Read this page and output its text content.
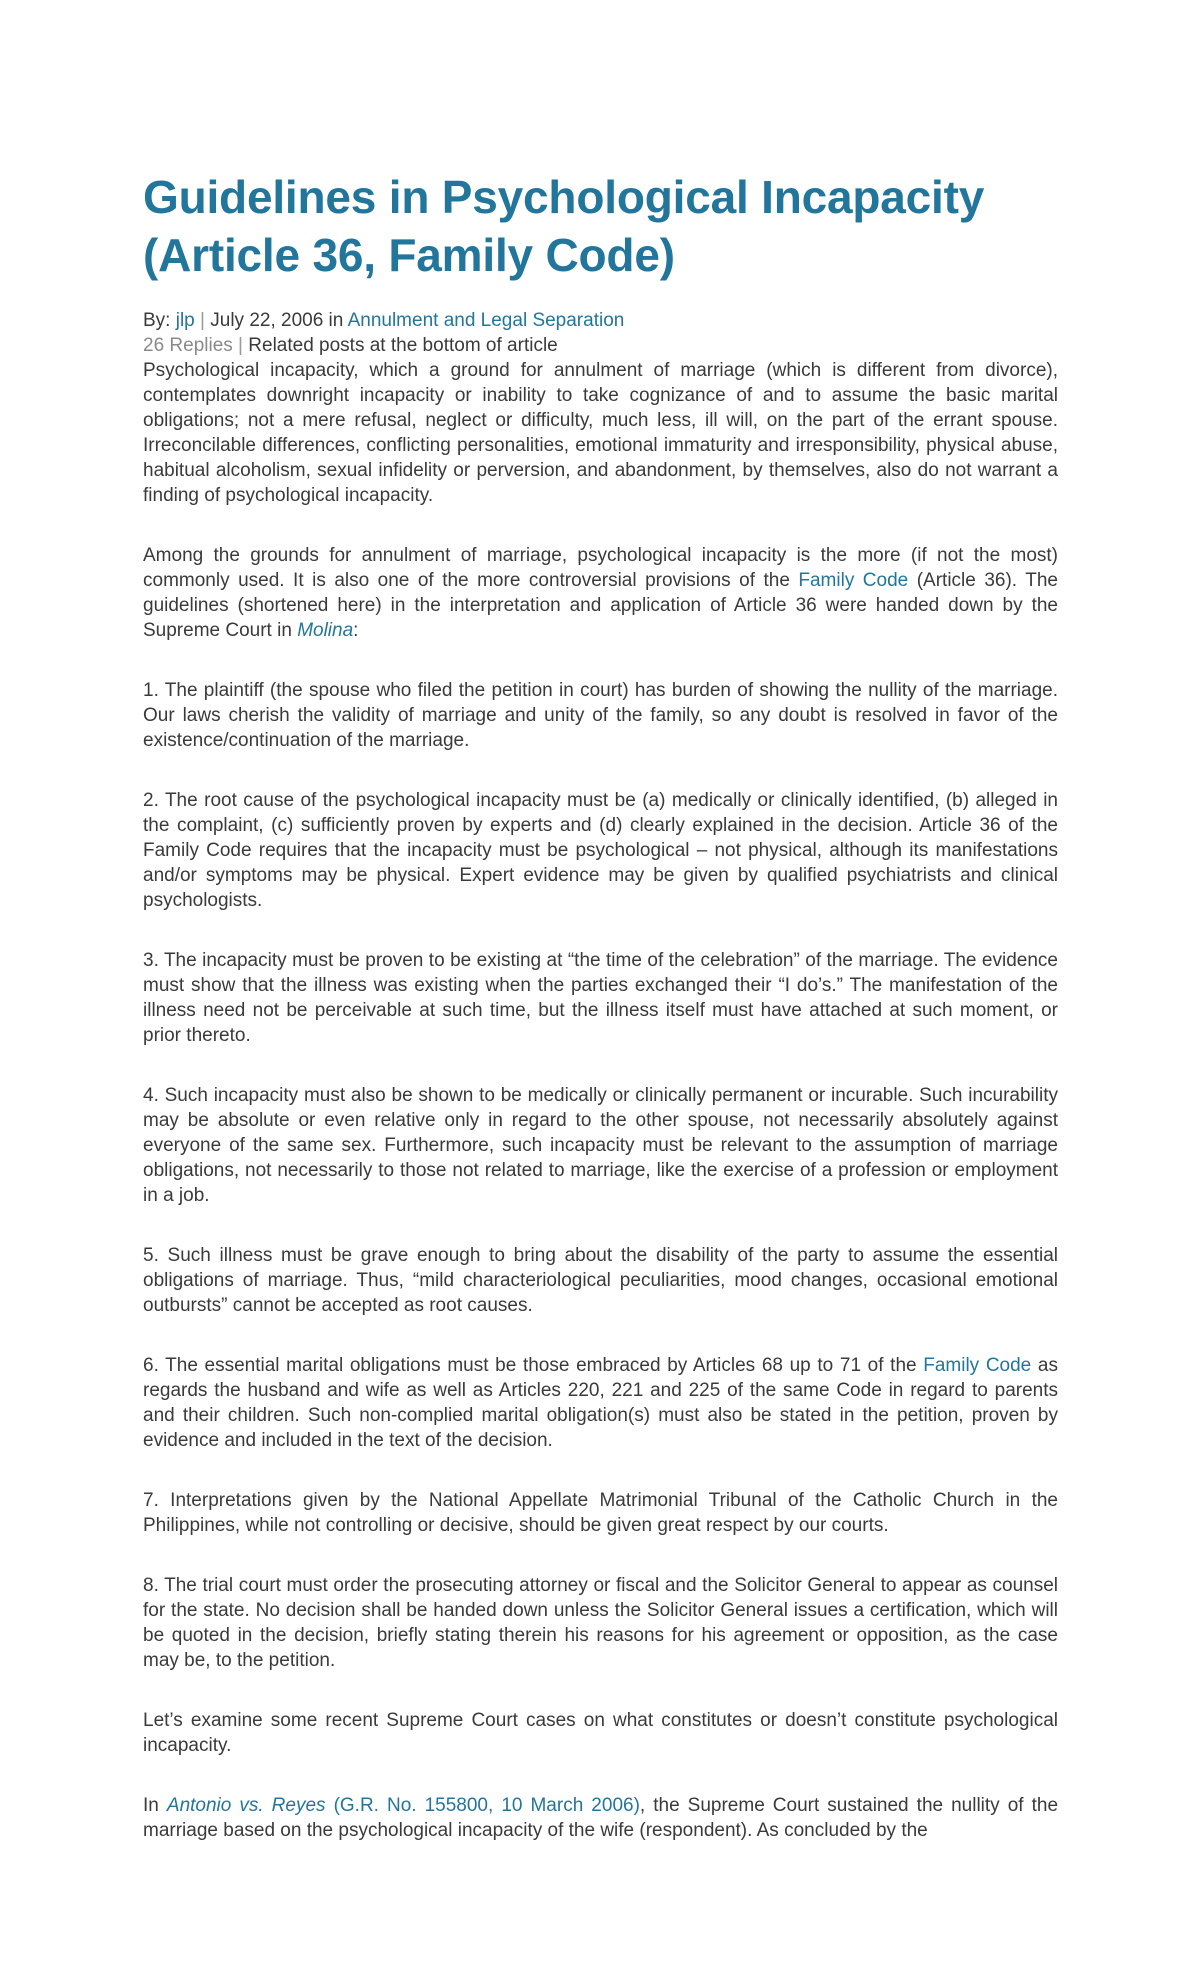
Guidelines in Psychological Incapacity (Article 36, Family Code)
By: jlp | July 22, 2006 in Annulment and Legal Separation
26 Replies | Related posts at the bottom of article

Psychological incapacity, which a ground for annulment of marriage (which is different from divorce), contemplates downright incapacity or inability to take cognizance of and to assume the basic marital obligations; not a mere refusal, neglect or difficulty, much less, ill will, on the part of the errant spouse. Irreconcilable differences, conflicting personalities, emotional immaturity and irresponsibility, physical abuse, habitual alcoholism, sexual infidelity or perversion, and abandonment, by themselves, also do not warrant a finding of psychological incapacity.

Among the grounds for annulment of marriage, psychological incapacity is the more (if not the most) commonly used. It is also one of the more controversial provisions of the Family Code (Article 36). The guidelines (shortened here) in the interpretation and application of Article 36 were handed down by the Supreme Court in Molina:

1. The plaintiff (the spouse who filed the petition in court) has burden of showing the nullity of the marriage. Our laws cherish the validity of marriage and unity of the family, so any doubt is resolved in favor of the existence/continuation of the marriage.

2. The root cause of the psychological incapacity must be (a) medically or clinically identified, (b) alleged in the complaint, (c) sufficiently proven by experts and (d) clearly explained in the decision. Article 36 of the Family Code requires that the incapacity must be psychological – not physical, although its manifestations and/or symptoms may be physical. Expert evidence may be given by qualified psychiatrists and clinical psychologists.

3. The incapacity must be proven to be existing at “the time of the celebration” of the marriage. The evidence must show that the illness was existing when the parties exchanged their “I do’s.” The manifestation of the illness need not be perceivable at such time, but the illness itself must have attached at such moment, or prior thereto.

4. Such incapacity must also be shown to be medically or clinically permanent or incurable. Such incurability may be absolute or even relative only in regard to the other spouse, not necessarily absolutely against everyone of the same sex. Furthermore, such incapacity must be relevant to the assumption of marriage obligations, not necessarily to those not related to marriage, like the exercise of a profession or employment in a job.

5. Such illness must be grave enough to bring about the disability of the party to assume the essential obligations of marriage. Thus, “mild characteriological peculiarities, mood changes, occasional emotional outbursts” cannot be accepted as root causes.

6. The essential marital obligations must be those embraced by Articles 68 up to 71 of the Family Code as regards the husband and wife as well as Articles 220, 221 and 225 of the same Code in regard to parents and their children. Such non-complied marital obligation(s) must also be stated in the petition, proven by evidence and included in the text of the decision.

7. Interpretations given by the National Appellate Matrimonial Tribunal of the Catholic Church in the Philippines, while not controlling or decisive, should be given great respect by our courts.

8. The trial court must order the prosecuting attorney or fiscal and the Solicitor General to appear as counsel for the state. No decision shall be handed down unless the Solicitor General issues a certification, which will be quoted in the decision, briefly stating therein his reasons for his agreement or opposition, as the case may be, to the petition.

Let’s examine some recent Supreme Court cases on what constitutes or doesn’t constitute psychological incapacity.

In Antonio vs. Reyes (G.R. No. 155800, 10 March 2006), the Supreme Court sustained the nullity of the marriage based on the psychological incapacity of the wife (respondent). As concluded by the
